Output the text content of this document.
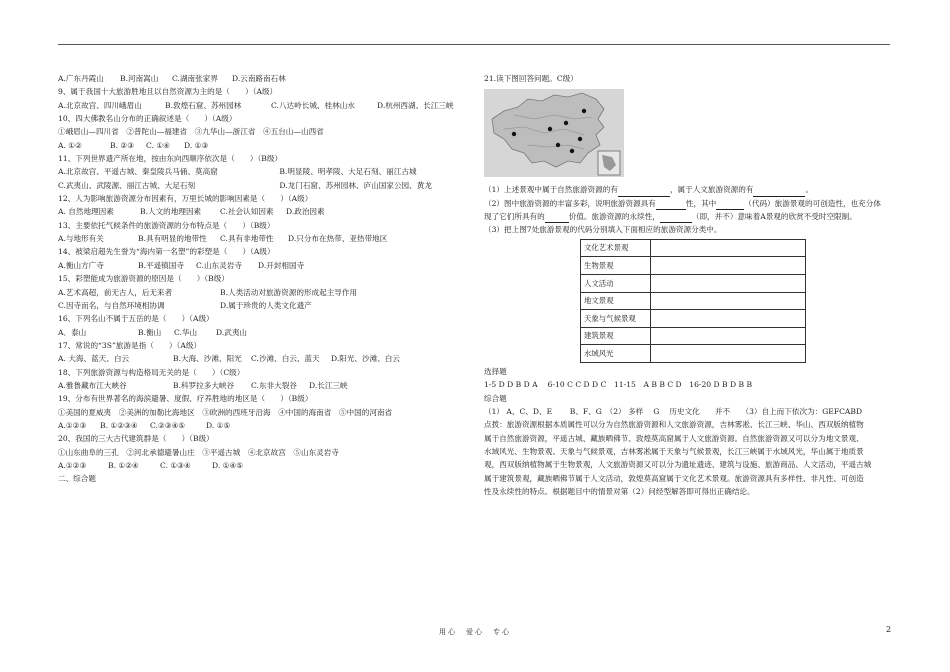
A.广东丹霞山	B.河南嵩山	C.湖南张家界	D.云南路南石林
9、属于我国十大旅游胜地且以自然资源为主的是（　　）（A级）
A.北京故宫、四川峨眉山	B.敦煌石窟、苏州园林	C.八达岭长城、桂林山水	D.杭州西湖、长江三峡
10、四大佛教名山分布的正确叙述是（　　）（A级）
①峨眉山—四川省　②普陀山—福建省　③九华山—浙江省　④五台山—山西省
A. ①②	B. ②③	C. ①④	D. ①③
11、下列世界遗产所在地，按由东向西顺序依次是（　　）（B级）
A.北京故宫、平遥古城、秦皇陵兵马俑、莫高窟	B.明显陵、明孝陵、大足石刻、丽江古城
C.武夷山、武陵源、丽江古城、大足石刻	D.龙门石窟、苏州园林、庐山国家公园、黄龙
12、人为影响旅游资源分布因素有，万里长城的影响因素是（　　）（A级）
A. 自然地理因素	B.人文的地理因素	C.社会认知因素	D.政治因素
13、主要依托气候条件的旅游资源的分布特点是（　　）（B级）
A.与地形有关	B.具有明显的地带性	C.具有非地带性	D.只分布在热带、亚热带地区
14、被梁启超先生誉为“海内第一名塑”的彩塑是（　　）（A级）
A.衡山方广寺	B.平遥镇国寺	C.山东灵岩寺	D.开封相国寺
15、彩塑能成为旅游资源的原因是（　　）（B级）
A.艺术高超，前无古人，后无来者	B.人类活动对旅游资源的形成起主导作用
C.因寺而名，与自然环境相协调	D.属于珍贵的人类文化遗产
16、下列名山不属于五岳的是（　　）（A级）
A．泰山	B.衡山	C.华山	D.武夷山
17、常说的“3S”旅游是指（　　）（A级）
A. 大海、蓝天、白云	B.大海、沙滩、阳光	C.沙滩、白云、蓝天	D.阳光、沙滩、白云
18、下列旅游资源与构造格局无关的是（　　）（C级）
A.雅鲁藏布江大峡谷	B.科罗拉多大峡谷	C.东非大裂谷	D.长江三峡
19、分布有世界著名的海滨避暑、度假、疗养胜地的地区是（　　）（B级）
①美国的夏威夷　②美洲的加勒比海地区　③欧洲的西班牙沿海　④中国的海南省　⑤中国的河南省
A.①②③	B. ①②③④	C.②③④⑤	D. ①⑤
20、我国的三大古代建筑群是（　　）（B级）
①山东曲阜的三孔　②河北承德避暑山庄　③平遥古城　④北京故宫　⑤山东灵岩寺
A.①②③	B. ①②④	C. ①③④	D. ①④⑤
二、综合题
21.读下图回答问题。C级）
（1）上述景观中属于自然旅游资源的有	，属于人文旅游资源的有	。
（2）图中旅游资源的丰富多彩，说明旅游资源具有	性，其中	（代码）旅游景观的可创造性，也充分体
现了它们所具有的	价值。旅游资源的永续性，	（即，并不）意味着A景观的欣赏不受时空限制。
（3）把上图7处旅游景观的代码分别填入下面相应的旅游资源分类中。
文化艺术景观	
生物景观	
人文活动	
地文景观	
天象与气候景观	
建筑景观	
水域风光	
选择题
1-5 D D B D A　 6-10 C C D D C　11-15　A B B C D　16-20 D B D B B
综合题
（1） A、C、D、E　　 B、F、G　（2） 多样　 G　 历史文化　　并不　　（3）自上而下依次为：GEFCABD
点拨：旅游资源根据本质属性可以分为自然旅游资源和人文旅游资源，吉林雾凇、长江三峡、华山、西双版纳植物
属于自然旅游资源，平遥古城、藏族晒佛节、敦煌莫高窟属于人文旅游资源。自然旅游资源又可以分为地文景观、
水域风光、生物景观、天象与气候景观，吉林雾凇属于天象与气候景观，长江三峡属于水域风光，华山属于地质景
观，西双版纳植物属于生物景观，人文旅游资源又可以分为遗址遗迹、建筑与设施、旅游商品、人文活动，平遥古城
属于建筑景观，藏族晒佛节属于人文活动，敦煌莫高窟属于文化艺术景观。旅游资源具有多样性、非凡性、可创造
性及永续性的特点。根据题目中的情景对第（2）问经型解答即可得出正确结论。
用心　爱心　专心	2
